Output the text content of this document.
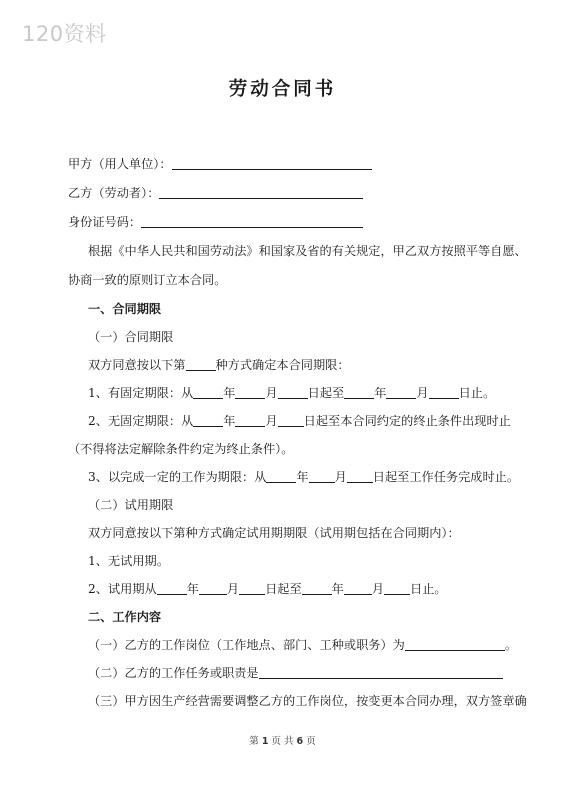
120资料
劳动合同书
甲方（用人单位）：
乙方（劳动者）：
身份证号码：
根据《中华人民共和国劳动法》和国家及省的有关规定，甲乙双方按照平等自愿、
协商一致的原则订立本合同。
一、合同期限
（一）合同期限
双方同意按以下第 种方式确定本合同期限：
1、有固定期限：从 年 月 日起至 年 月 日止。
2、无固定期限：从 年 月 日起至本合同约定的终止条件出现时止
（不得将法定解除条件约定为终止条件）。
3、以完成一定的工作为期限：从 年 月 日起至工作任务完成时止。
（二）试用期限
双方同意按以下第种方式确定试用期期限（试用期包括在合同期内）：
1、无试用期。
2、试用期从 年 月 日起至 年 月 日止。
二、工作内容
（一）乙方的工作岗位（工作地点、部门、工种或职务）为	。
（二）乙方的工作任务或职责是
（三）甲方因生产经营需要调整乙方的工作岗位，按变更本合同办理，双方签章确
第 1 页 共 6 页
